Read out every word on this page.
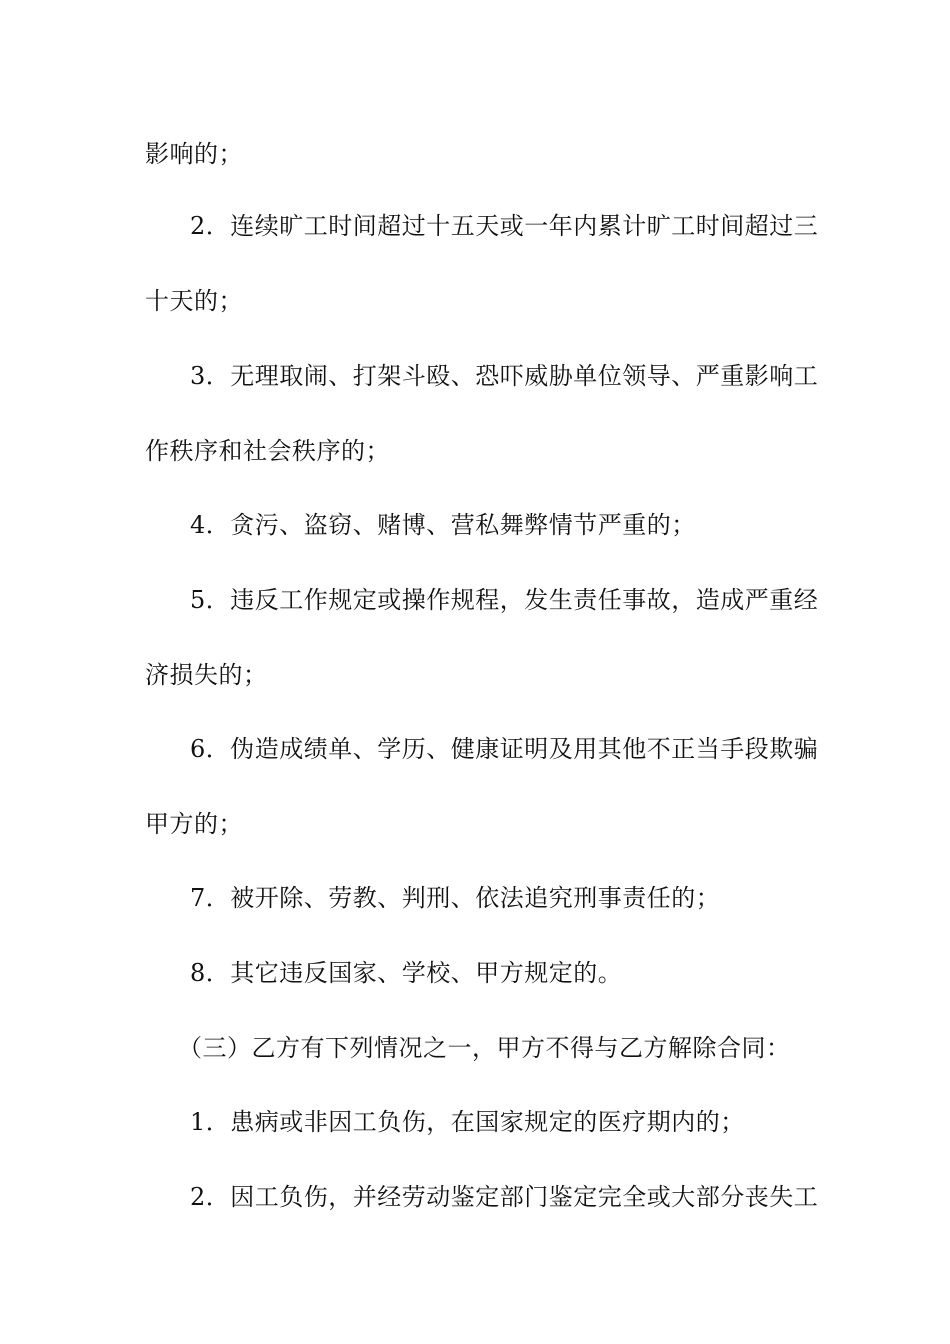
影响的；
2．连续旷工时间超过十五天或一年内累计旷工时间超过三
十天的；
3．无理取闹、打架斗殴、恐吓威胁单位领导、严重影响工
作秩序和社会秩序的；
4．贪污、盗窃、赌博、营私舞弊情节严重的；
5．违反工作规定或操作规程，发生责任事故，造成严重经
济损失的；
6．伪造成绩单、学历、健康证明及用其他不正当手段欺骗
甲方的；
7．被开除、劳教、判刑、依法追究刑事责任的；
8．其它违反国家、学校、甲方规定的。
（三）乙方有下列情况之一，甲方不得与乙方解除合同：
1．患病或非因工负伤，在国家规定的医疗期内的；
2．因工负伤，并经劳动鉴定部门鉴定完全或大部分丧失工
